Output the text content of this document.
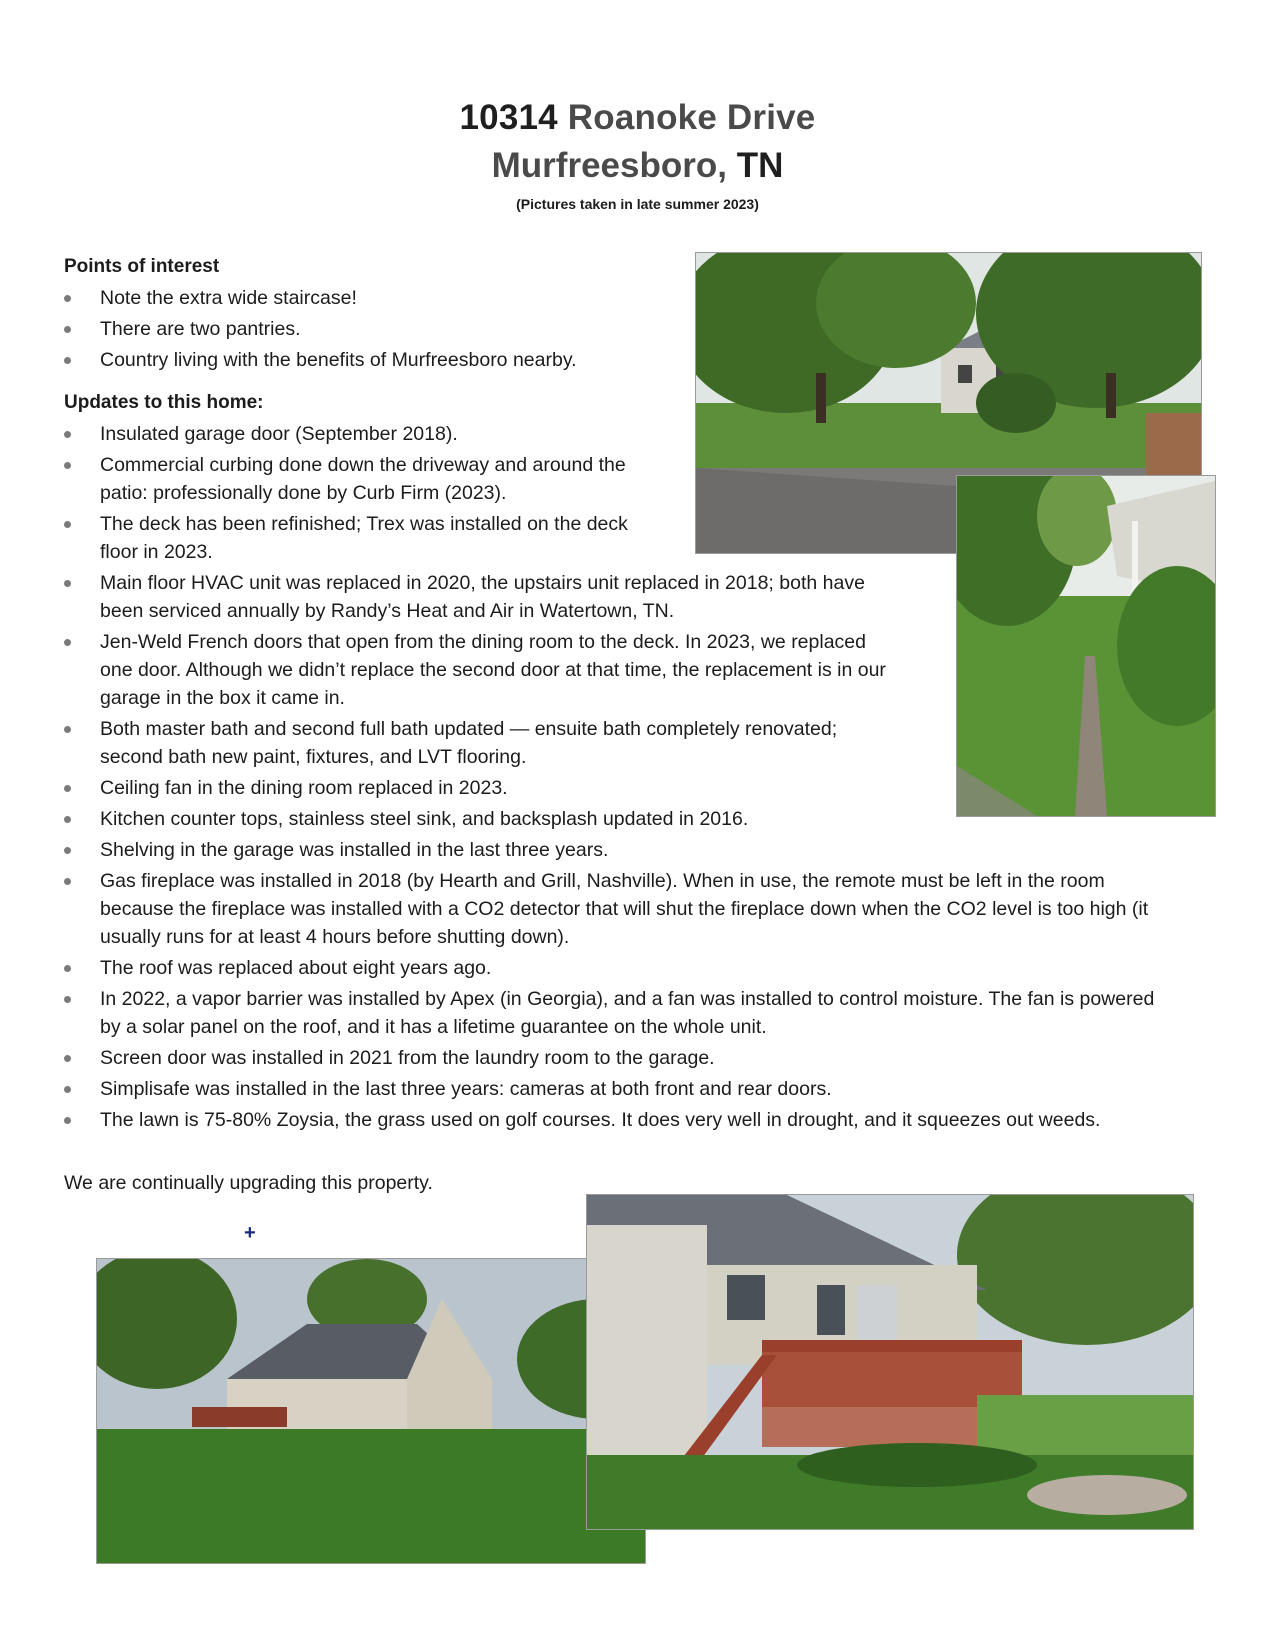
10314 Roanoke Drive
Murfreesboro, TN

(Pictures taken in late summer 2023)

Points of interest
Note the extra wide staircase!
There are two pantries.
Country living with the benefits of Murfreesboro nearby.
Updates to this home:
Insulated garage door (September 2018).
Commercial curbing done down the driveway and around the patio: professionally done by Curb Firm (2023).
The deck has been refinished; Trex was installed on the deck floor in 2023.
Main floor HVAC unit was replaced in 2020, the upstairs unit replaced in 2018; both have been serviced annually by Randy’s Heat and Air in Watertown, TN.
Jen-Weld French doors that open from the dining room to the deck. In 2023, we replaced one door. Although we didn’t replace the second door at that time, the replacement is in our garage in the box it came in.
Both master bath and second full bath updated — ensuite bath completely renovated; second bath new paint, fixtures, and LVT flooring.
Ceiling fan in the dining room replaced in 2023.
Kitchen counter tops, stainless steel sink, and backsplash updated in 2016.
Shelving in the garage was installed in the last three years.
Gas fireplace was installed in 2018 (by Hearth and Grill, Nashville). When in use, the remote must be left in the room because the fireplace was installed with a CO2 detector that will shut the fireplace down when the CO2 level is too high (it usually runs for at least 4 hours before shutting down).
The roof was replaced about eight years ago.
In 2022, a vapor barrier was installed by Apex (in Georgia), and a fan was installed to control moisture. The fan is powered by a solar panel on the roof, and it has a lifetime guarantee on the whole unit.
Screen door was installed in 2021 from the laundry room to the garage.
Simplisafe was installed in the last three years: cameras at both front and rear doors.
The lawn is 75-80% Zoysia, the grass used on golf courses. It does very well in drought, and it squeezes out weeds.

We are continually upgrading this property.

+
